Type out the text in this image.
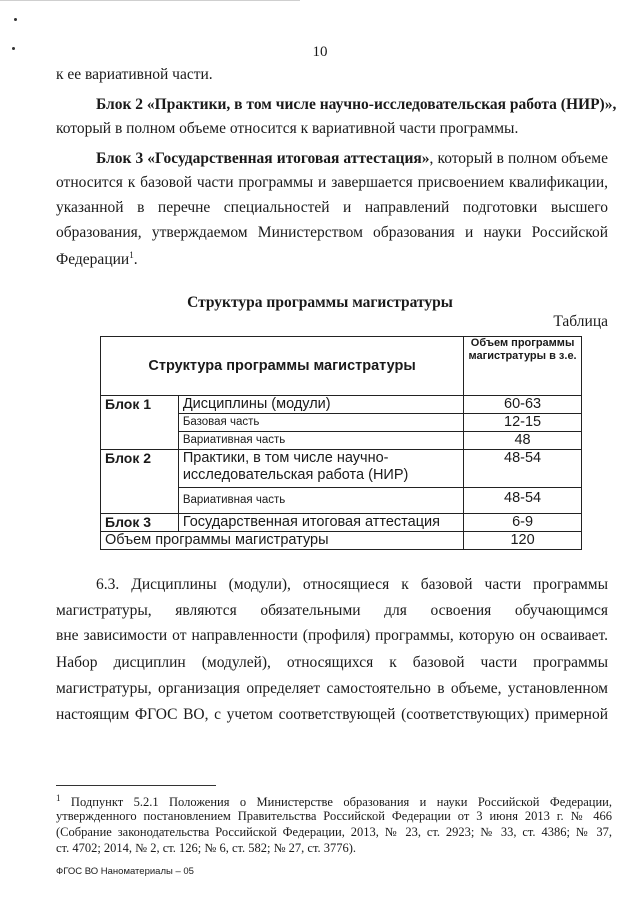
10
к ее вариативной части.
Блок 2 «Практики, в том числе научно-исследовательская работа (НИР)»,
который в полном объеме относится к вариативной части программы.
Блок 3 «Государственная итоговая аттестация», который в полном объеме
относится к базовой части программы и завершается присвоением квалификации,
указанной в перечне специальностей и направлений подготовки высшего
образования, утверждаемом Министерством образования и науки Российской
Федерации$^1$.
Структура программы магистратуры
Таблица
Структура программы магистратуры		Объем программы магистратуры в з.е.
Блок 1	Дисциплины (модули)	60-63
	Базовая часть	12-15
	Вариативная часть	48
Блок 2	Практики, в том числе научно-исследовательская работа (НИР)	48-54
	Вариативная часть	48-54
Блок 3	Государственная итоговая аттестация	6-9
Объем программы магистратуры		120
6.3. Дисциплины (модули), относящиеся к базовой части программы
магистратуры, являются обязательными для освоения обучающимся
вне зависимости от направленности (профиля) программы, которую он осваивает.
Набор дисциплин (модулей), относящихся к базовой части программы
магистратуры, организация определяет самостоятельно в объеме, установленном
настоящим ФГОС ВО, с учетом соответствующей (соответствующих) примерной
$^1$ Подпункт 5.2.1 Положения о Министерстве образования и науки Российской Федерации,
утвержденного постановлением Правительства Российской Федерации от 3 июня 2013 г. № 466
(Собрание законодательства Российской Федерации, 2013, № 23, ст. 2923; № 33, ст. 4386; № 37,
ст. 4702; 2014, № 2, ст. 126; № 6, ст. 582; № 27, ст. 3776).
ФГОС ВО Наноматериалы – 05
